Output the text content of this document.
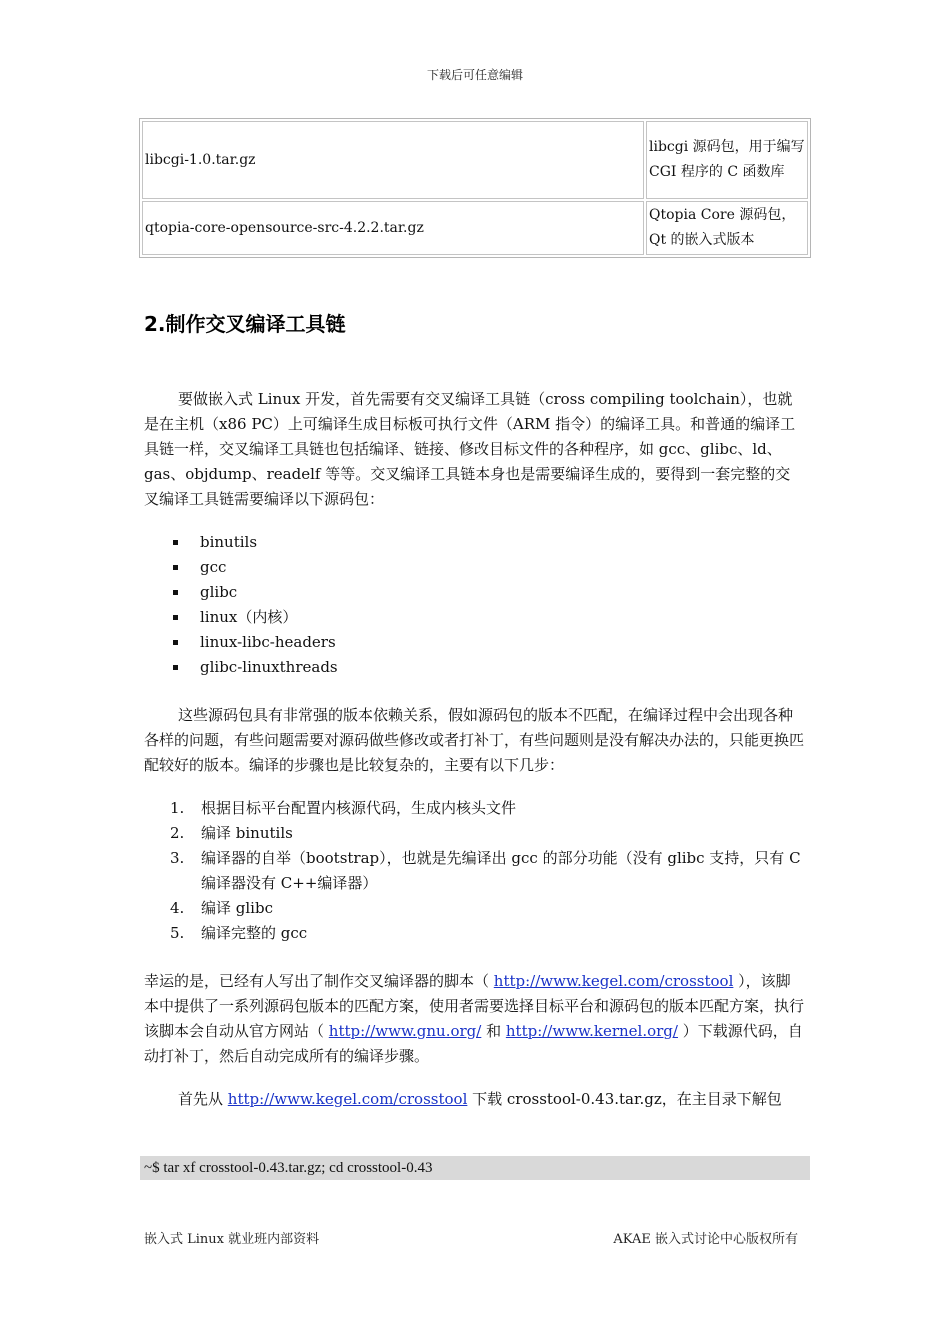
下载后可任意编辑
libcgi-1.0.tar.gz	libcgi 源码包，用于编写 CGI 程序的 C 函数库
qtopia-core-opensource-src-4.2.2.tar.gz	Qtopia Core 源码包，Qt 的嵌入式版本
2.制作交叉编译工具链

要做嵌入式 Linux 开发，首先需要有交叉编译工具链（cross compiling toolchain），也就是在主机（x86 PC）上可编译生成目标板可执行文件（ARM 指令）的编译工具。和普通的编译工具链一样，交叉编译工具链也包括编译、链接、修改目标文件的各种程序，如 gcc、glibc、ld、gas、objdump、readelf 等等。交叉编译工具链本身也是需要编译生成的，要得到一套完整的交叉编译工具链需要编译以下源码包：

binutils
gcc
glibc
linux（内核）
linux-libc-headers
glibc-linuxthreads

这些源码包具有非常强的版本依赖关系，假如源码包的版本不匹配，在编译过程中会出现各种各样的问题，有些问题需要对源码做些修改或者打补丁，有些问题则是没有解决办法的，只能更换匹配较好的版本。编译的步骤也是比较复杂的，主要有以下几步：

1. 根据目标平台配置内核源代码，生成内核头文件
2. 编译 binutils
3. 编译器的自举（bootstrap），也就是先编译出 gcc 的部分功能（没有 glibc 支持，只有 C 编译器没有 C++编译器）
4. 编译 glibc
5. 编译完整的 gcc

幸运的是，已经有人写出了制作交叉编译器的脚本（ http://www.kegel.com/crosstool ），该脚本中提供了一系列源码包版本的匹配方案，使用者需要选择目标平台和源码包的版本匹配方案，执行该脚本会自动从官方网站（ http://www.gnu.org/ 和 http://www.kernel.org/ ）下载源代码，自动打补丁，然后自动完成所有的编译步骤。

首先从 http://www.kegel.com/crosstool 下载 crosstool-0.43.tar.gz，在主目录下解包

~$ tar xf crosstool-0.43.tar.gz; cd crosstool-0.43
嵌入式 Linux 就业班内部资料	AKAE 嵌入式讨论中心版权所有
